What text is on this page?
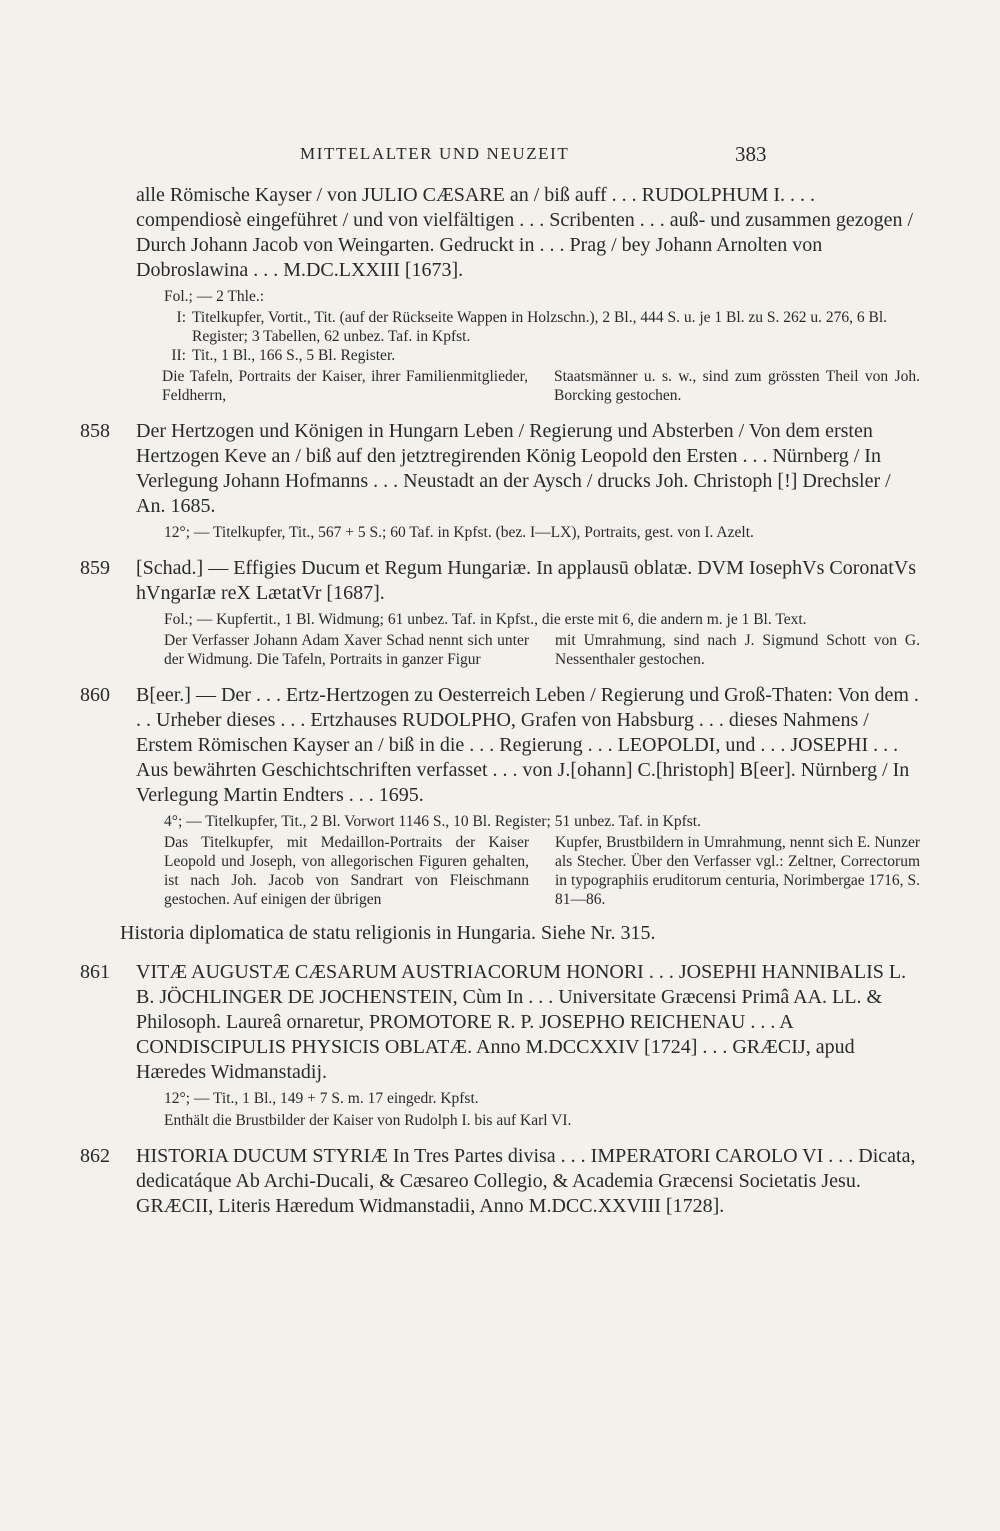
MITTELALTER UND NEUZEIT	383

alle Römische Kayser / von JULIO CÆSARE an / biß auff . . . RUDOLPHUM I. . . . compendiosè eingeführet / und von vielfältigen . . . Scribenten . . . auß- und zusammen gezogen / Durch Johann Jacob von Weingarten. Gedruckt in . . . Prag / bey Johann Arnolten von Dobroslawina . . . M.DC.LXXIII [1673].

Fol.; — 2 Thle.:
I: Titelkupfer, Vortit., Tit. (auf der Rückseite Wappen in Holzschn.), 2 Bl., 444 S. u. je 1 Bl. zu S. 262 u. 276, 6 Bl. Register; 3 Tabellen, 62 unbez. Taf. in Kpfst.
II: Tit., 1 Bl., 166 S., 5 Bl. Register.
Die Tafeln, Portraits der Kaiser, ihrer Familienmitglieder, Feldherrn,
Staatsmänner u. s. w., sind zum grössten Theil von Joh. Borcking gestochen.
858	Der Hertzogen und Königen in Hungarn Leben / Regierung und Absterben / Von dem ersten Hertzogen Keve an / biß auf den jetztregirenden König Leopold den Ersten . . . Nürnberg / In Verlegung Johann Hofmanns . . . Neustadt an der Aysch / drucks Joh. Christoph [!] Drechsler / An. 1685.

12°; — Titelkupfer, Tit., 567 + 5 S.; 60 Taf. in Kpfst. (bez. I—LX), Portraits, gest. von I. Azelt.
859	[Schad.] — Effigies Ducum et Regum Hungariæ. In applausū oblatæ. DVM IosephVs CoronatVs hVngarIæ reX LætatVr [1687].

Fol.; — Kupfertit., 1 Bl. Widmung; 61 unbez. Taf. in Kpfst., die erste mit 6, die andern m. je 1 Bl. Text.
Der Verfasser Johann Adam Xaver Schad nennt sich unter der Widmung. Die Tafeln, Portraits in ganzer Figur
mit Umrahmung, sind nach J. Sigmund Schott von G. Nessenthaler gestochen.
860	B[eer.] — Der . . . Ertz-Hertzogen zu Oesterreich Leben / Regierung und Groß-Thaten: Von dem . . . Urheber dieses . . . Ertzhauses RUDOLPHO, Grafen von Habsburg . . . dieses Nahmens / Erstem Römischen Kayser an / biß in die . . . Regierung . . . LEOPOLDI, und . . . JOSEPHI . . . Aus bewährten Geschichtschriften verfasset . . . von J.[ohann] C.[hristoph] B[eer]. Nürnberg / In Verlegung Martin Endters . . . 1695.

4°; — Titelkupfer, Tit., 2 Bl. Vorwort 1146 S., 10 Bl. Register; 51 unbez. Taf. in Kpfst.
Das Titelkupfer, mit Medaillon-Portraits der Kaiser Leopold und Joseph, von allegorischen Figuren gehalten, ist nach Joh. Jacob von Sandrart von Fleischmann gestochen. Auf einigen der übrigen
Kupfer, Brustbildern in Umrahmung, nennt sich E. Nunzer als Stecher. Über den Verfasser vgl.: Zeltner, Correctorum in typographiis eruditorum centuria, Norimbergae 1716, S. 81—86.
Historia diplomatica de statu religionis in Hungaria. Siehe Nr. 315.
861	VITÆ AUGUSTÆ CÆSARUM AUSTRIACORUM HONORI . . . JOSEPHI HANNIBALIS L. B. JÖCHLINGER DE JOCHENSTEIN, Cùm In . . . Universitate Græcensi Primâ AA. LL. & Philosoph. Laureâ ornaretur, PROMOTORE R. P. JOSEPHO REICHENAU . . . A CONDISCIPULIS PHYSICIS OBLATÆ. Anno M.DCCXXIV [1724] . . . GRÆCIJ, apud Hæredes Widmanstadij.

12°; — Tit., 1 Bl., 149 + 7 S. m. 17 eingedr. Kpfst.
Enthält die Brustbilder der Kaiser von Rudolph I. bis auf Karl VI.
862	HISTORIA DUCUM STYRIÆ In Tres Partes divisa . . . IMPERATORI CAROLO VI . . . Dicata, dedicatáque Ab Archi-Ducali, & Cæsareo Collegio, & Academia Græcensi Societatis Jesu. GRÆCII, Literis Hæredum Widmanstadii, Anno M.DCC.XXVIII [1728].
